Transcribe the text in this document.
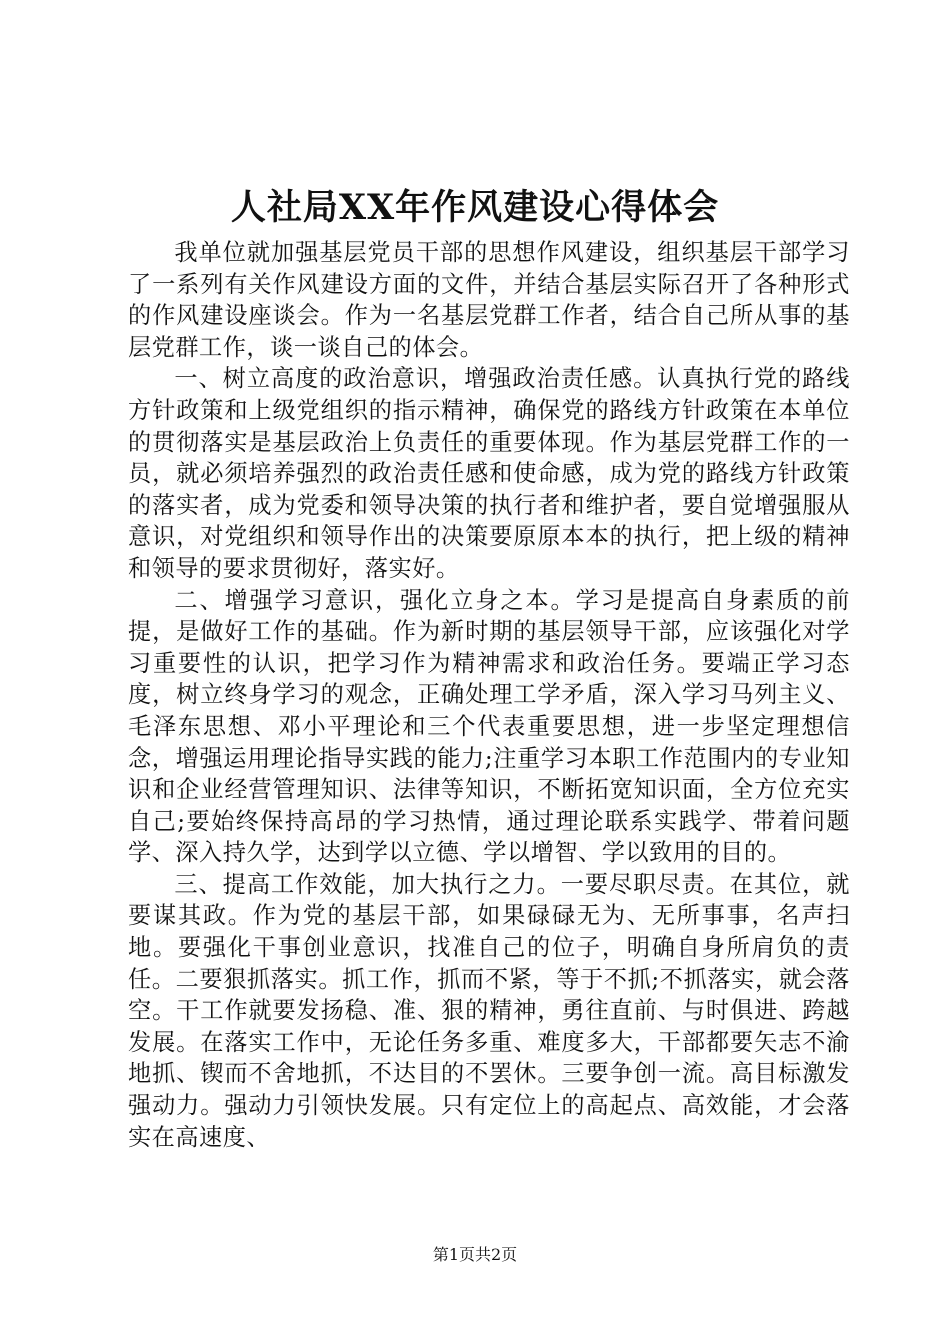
人社局XX年作风建设心得体会

我单位就加强基层党员干部的思想作风建设，组织基层干部学习了一系列有关作风建设方面的文件，并结合基层实际召开了各种形式的作风建设座谈会。作为一名基层党群工作者，结合自己所从事的基层党群工作，谈一谈自己的体会。

一、树立高度的政治意识，增强政治责任感。认真执行党的路线方针政策和上级党组织的指示精神，确保党的路线方针政策在本单位的贯彻落实是基层政治上负责任的重要体现。作为基层党群工作的一员，就必须培养强烈的政治责任感和使命感，成为党的路线方针政策的落实者，成为党委和领导决策的执行者和维护者，要自觉增强服从意识，对党组织和领导作出的决策要原原本本的执行，把上级的精神和领导的要求贯彻好，落实好。

二、增强学习意识，强化立身之本。学习是提高自身素质的前提，是做好工作的基础。作为新时期的基层领导干部，应该强化对学习重要性的认识，把学习作为精神需求和政治任务。要端正学习态度，树立终身学习的观念，正确处理工学矛盾，深入学习马列主义、毛泽东思想、邓小平理论和三个代表重要思想，进一步坚定理想信念，增强运用理论指导实践的能力;注重学习本职工作范围内的专业知识和企业经营管理知识、法律等知识，不断拓宽知识面，全方位充实自己;要始终保持高昂的学习热情，通过理论联系实践学、带着问题学、深入持久学，达到学以立德、学以增智、学以致用的目的。

三、提高工作效能，加大执行之力。一要尽职尽责。在其位，就要谋其政。作为党的基层干部，如果碌碌无为、无所事事，名声扫地。要强化干事创业意识，找准自己的位子，明确自身所肩负的责任。二要狠抓落实。抓工作，抓而不紧，等于不抓;不抓落实，就会落空。干工作就要发扬稳、准、狠的精神，勇往直前、与时俱进、跨越发展。在落实工作中，无论任务多重、难度多大，干部都要矢志不渝地抓、锲而不舍地抓，不达目的不罢休。三要争创一流。高目标激发强动力。强动力引领快发展。只有定位上的高起点、高效能，才会落实在高速度、

第1页共2页
